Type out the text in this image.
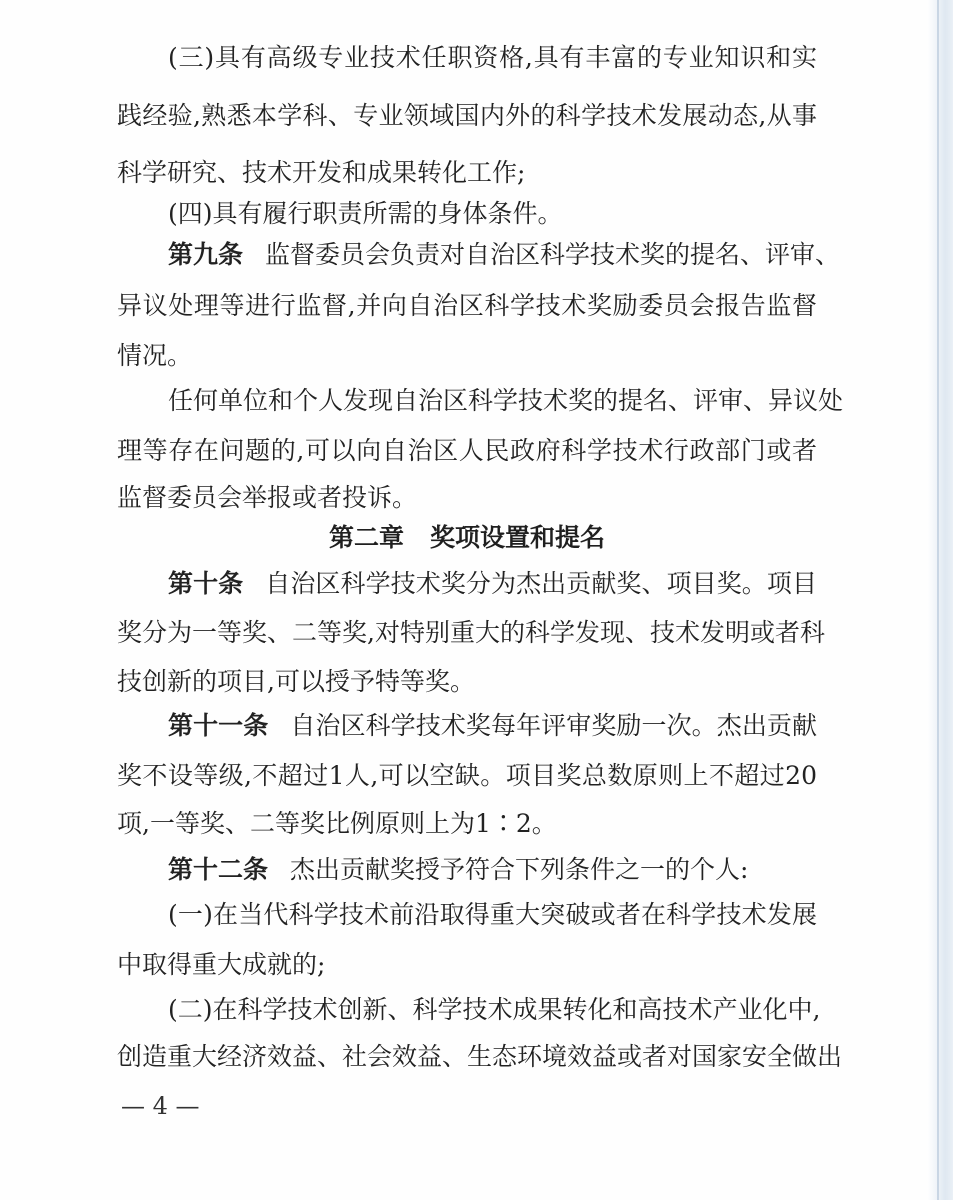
(三)具有高级专业技术任职资格,具有丰富的专业知识和实
践经验,熟悉本学科、专业领域国内外的科学技术发展动态,从事
科学研究、技术开发和成果转化工作;
(四)具有履行职责所需的身体条件。
第九条 监督委员会负责对自治区科学技术奖的提名、评审、
异议处理等进行监督,并向自治区科学技术奖励委员会报告监督
情况。
任何单位和个人发现自治区科学技术奖的提名、评审、异议处
理等存在问题的,可以向自治区人民政府科学技术行政部门或者
监督委员会举报或者投诉。
第二章 奖项设置和提名
第十条 自治区科学技术奖分为杰出贡献奖、项目奖。项目
奖分为一等奖、二等奖,对特别重大的科学发现、技术发明或者科
技创新的项目,可以授予特等奖。
第十一条 自治区科学技术奖每年评审奖励一次。杰出贡献
奖不设等级,不超过1人,可以空缺。项目奖总数原则上不超过20
项,一等奖、二等奖比例原则上为1∶2。
第十二条 杰出贡献奖授予符合下列条件之一的个人:
(一)在当代科学技术前沿取得重大突破或者在科学技术发展
中取得重大成就的;
(二)在科学技术创新、科学技术成果转化和高技术产业化中,
创造重大经济效益、社会效益、生态环境效益或者对国家安全做出
— 4 —
